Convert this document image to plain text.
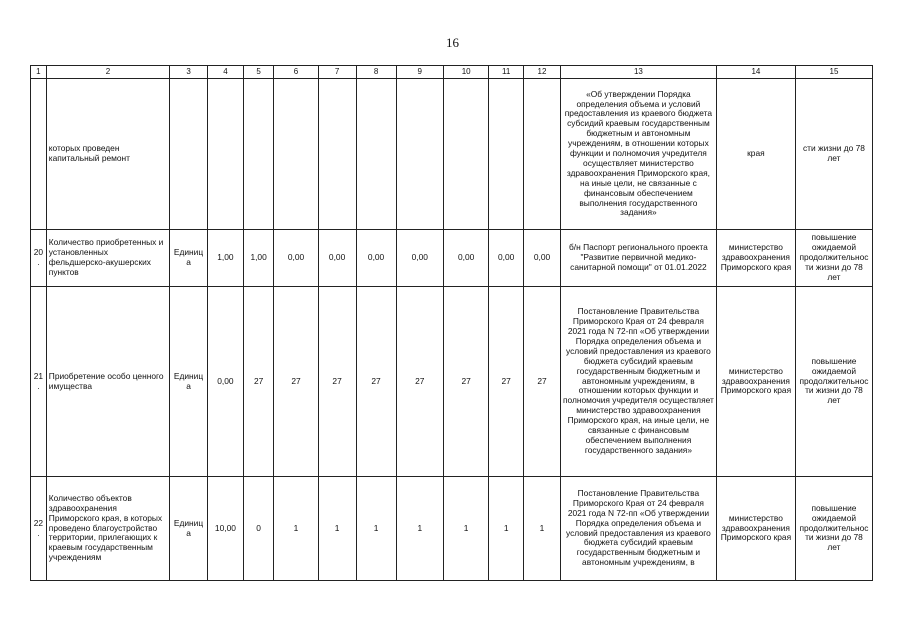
16
1	2	3	4	5	6	7	8	9	10	11	12	13	14	15
	которых проведен капитальный ремонт											«Об утверждении Порядка определения объема и условий предоставления из краевого бюджета субсидий краевым государственным бюджетным и автономным учреждениям, в отношении которых функции и полномочия учредителя осуществляет министерство здравоохранения Приморского края, на иные цели, не связанные с финансовым обеспечением выполнения государственного задания»	края	сти жизни до 78 лет
20.	Количество приобретенных и установленных фельдшерско-акушерских пунктов	Единица	1,00	1,00	0,00	0,00	0,00	0,00	0,00	0,00	0,00	б/н Паспорт регионального проекта "Развитие первичной медико-санитарной помощи" от 01.01.2022	министерство здравоохранения Приморского края	повышение ожидаемой продолжительности жизни до 78 лет
21.	Приобретение особо ценного имущества	Единица	0,00	27	27	27	27	27	27	27	27	Постановление Правительства Приморского Края от 24 февраля 2021 года N 72-пп «Об утверждении Порядка определения объема и условий предоставления из краевого бюджета субсидий краевым государственным бюджетным и автономным учреждениям, в отношении которых функции и полномочия учредителя осуществляет министерство здравоохранения Приморского края, на иные цели, не связанные с финансовым обеспечением выполнения государственного задания»	министерство здравоохранения Приморского края	повышение ожидаемой продолжительности жизни до 78 лет
22.	Количество объектов здравоохранения Приморского края, в которых проведено благоустройство территории, прилегающих к краевым государственным учреждениям	Единица	10,00	0	1	1	1	1	1	1	1	Постановление Правительства Приморского Края от 24 февраля 2021 года N 72-пп «Об утверждении Порядка определения объема и условий предоставления из краевого бюджета субсидий краевым государственным бюджетным и автономным учреждениям, в	министерство здравоохранения Приморского края	повышение ожидаемой продолжительности жизни до 78 лет
